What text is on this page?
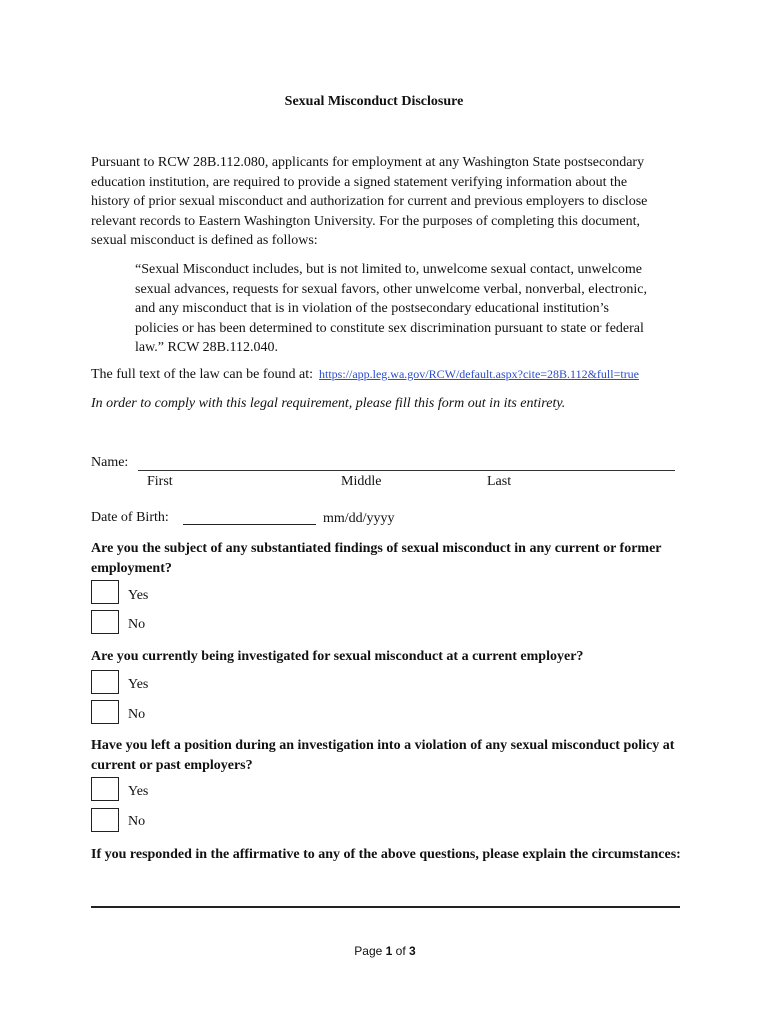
Sexual Misconduct Disclosure
Pursuant to RCW 28B.112.080, applicants for employment at any Washington State postsecondary education institution, are required to provide a signed statement verifying information about the history of prior sexual misconduct and authorization for current and previous employers to disclose relevant records to Eastern Washington University. For the purposes of completing this document, sexual misconduct is defined as follows:
“Sexual Misconduct includes, but is not limited to, unwelcome sexual contact, unwelcome sexual advances, requests for sexual favors, other unwelcome verbal, nonverbal, electronic, and any misconduct that is in violation of the postsecondary educational institution’s policies or has been determined to constitute sex discrimination pursuant to state or federal law.” RCW 28B.112.040.
The full text of the law can be found at: https://app.leg.wa.gov/RCW/default.aspx?cite=28B.112&full=true
In order to comply with this legal requirement, please fill this form out in its entirety.
Name:
First	Middle	Last
Date of Birth:	mm/dd/yyyy
Are you the subject of any substantiated findings of sexual misconduct in any current or former employment?
Yes
No
Are you currently being investigated for sexual misconduct at a current employer?
Yes
No
Have you left a position during an investigation into a violation of any sexual misconduct policy at current or past employers?
Yes
No
If you responded in the affirmative to any of the above questions, please explain the circumstances:
Page 1 of 3
